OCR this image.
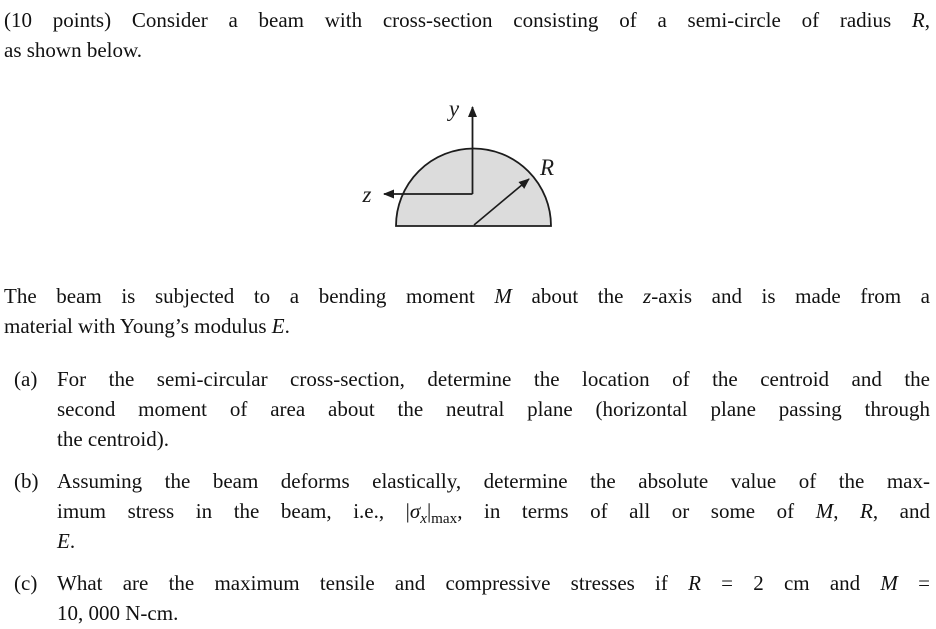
(10 points) Consider a beam with cross-section consisting of a semi-circle of radius R,
as shown below.
y
z
R
The beam is subjected to a bending moment M about the z-axis and is made from a
material with Young’s modulus E.
(a) For the semi-circular cross-section, determine the location of the centroid and the
second moment of area about the neutral plane (horizontal plane passing through
the centroid).
(b) Assuming the beam deforms elastically, determine the absolute value of the max-
imum stress in the beam, i.e., $|\sigma_x|_{max}$, in terms of all or some of M, R, and
E.
(c) What are the maximum tensile and compressive stresses if R = 2 cm and M =
10, 000 N-cm.
